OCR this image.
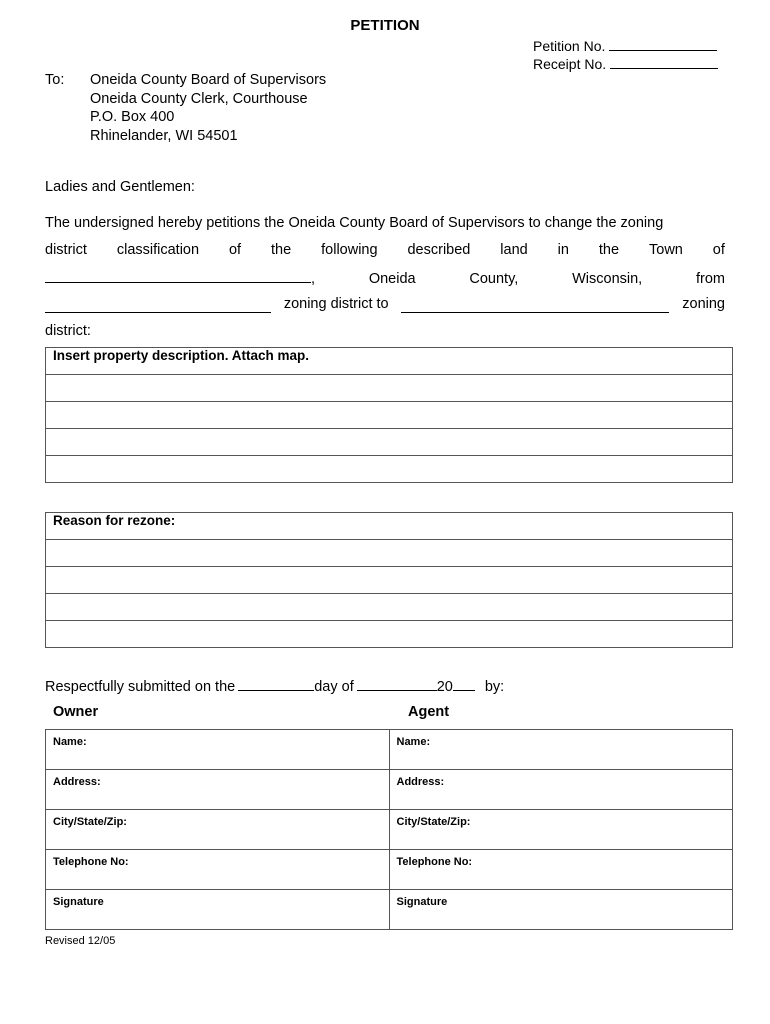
PETITION
Petition No.
Receipt No.
To: Oneida County Board of Supervisors
Oneida County Clerk, Courthouse
P.O. Box 400
Rhinelander, WI 54501
Ladies and Gentlemen:
The undersigned hereby petitions the Oneida County Board of Supervisors to change the zoning
district classification of the following described land in the Town of
,	Oneida	County,	Wisconsin,	from
zoning district to	zoning
district:
Insert property description. Attach map.

Reason for rezone:

Respectfully submitted on the	day of	20 by:
Owner	Agent
Name:	Name:
Address:	Address:
City/State/Zip:	City/State/Zip:
Telephone No:	Telephone No:
Signature	Signature
Revised 12/05
